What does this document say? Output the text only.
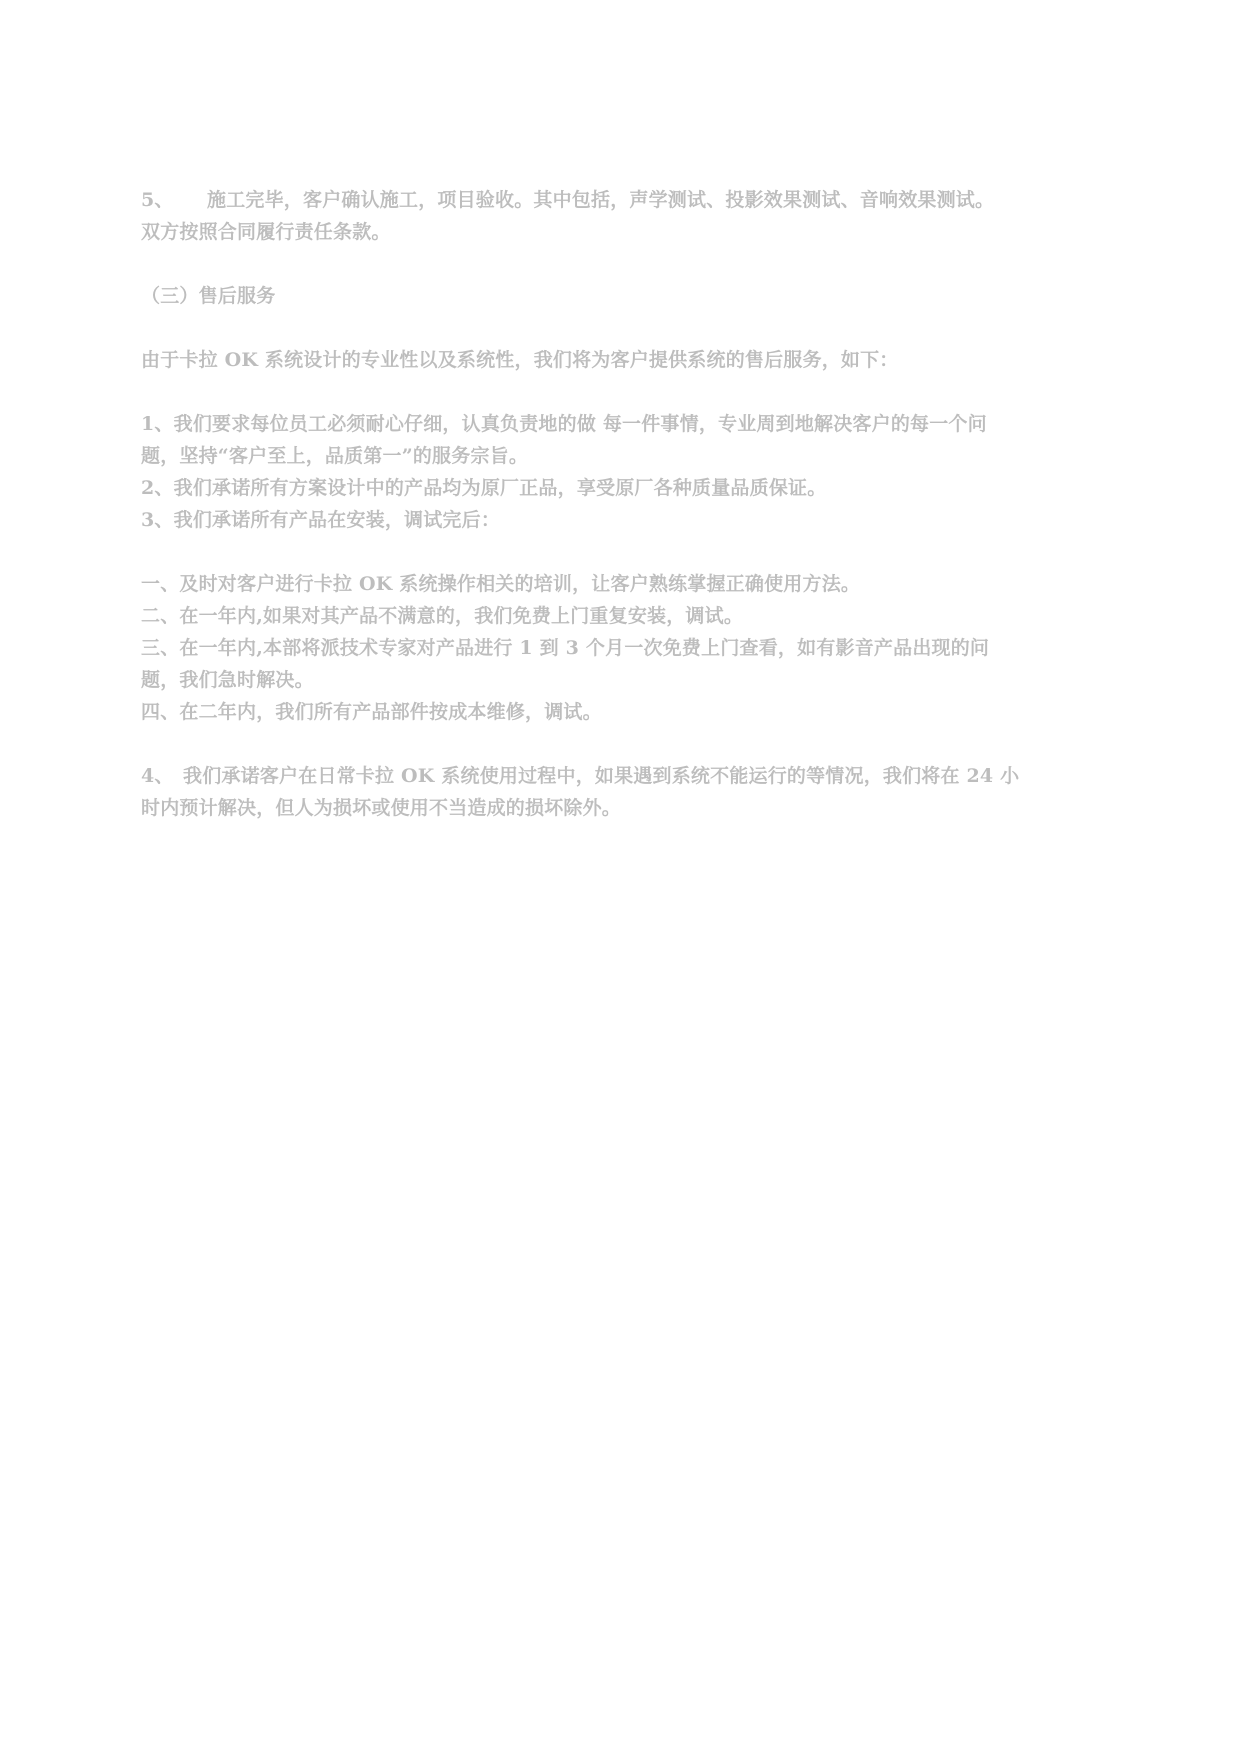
5、 施工完毕，客户确认施工，项目验收。其中包括，声学测试、投影效果测试、音响效果测试。
双方按照合同履行责任条款。
（三）售后服务
由于卡拉 OK 系统设计的专业性以及系统性，我们将为客户提供系统的售后服务，如下：
1、我们要求每位员工必须耐心仔细，认真负责地的做 每一件事情，专业周到地解决客户的每一个问
题，坚持“客户至上，品质第一”的服务宗旨。
2、我们承诺所有方案设计中的产品均为原厂正品，享受原厂各种质量品质保证。
3、我们承诺所有产品在安装，调试完后：
一、及时对客户进行卡拉 OK 系统操作相关的培训，让客户熟练掌握正确使用方法。
二、在一年内,如果对其产品不满意的，我们免费上门重复安装，调试。
三、在一年内,本部将派技术专家对产品进行 1 到 3 个月一次免费上门查看，如有影音产品出现的问
题，我们急时解决。
四、在二年内，我们所有产品部件按成本维修，调试。
4、 我们承诺客户在日常卡拉 OK 系统使用过程中，如果遇到系统不能运行的等情况，我们将在 24 小
时内预计解决，但人为损坏或使用不当造成的损坏除外。
